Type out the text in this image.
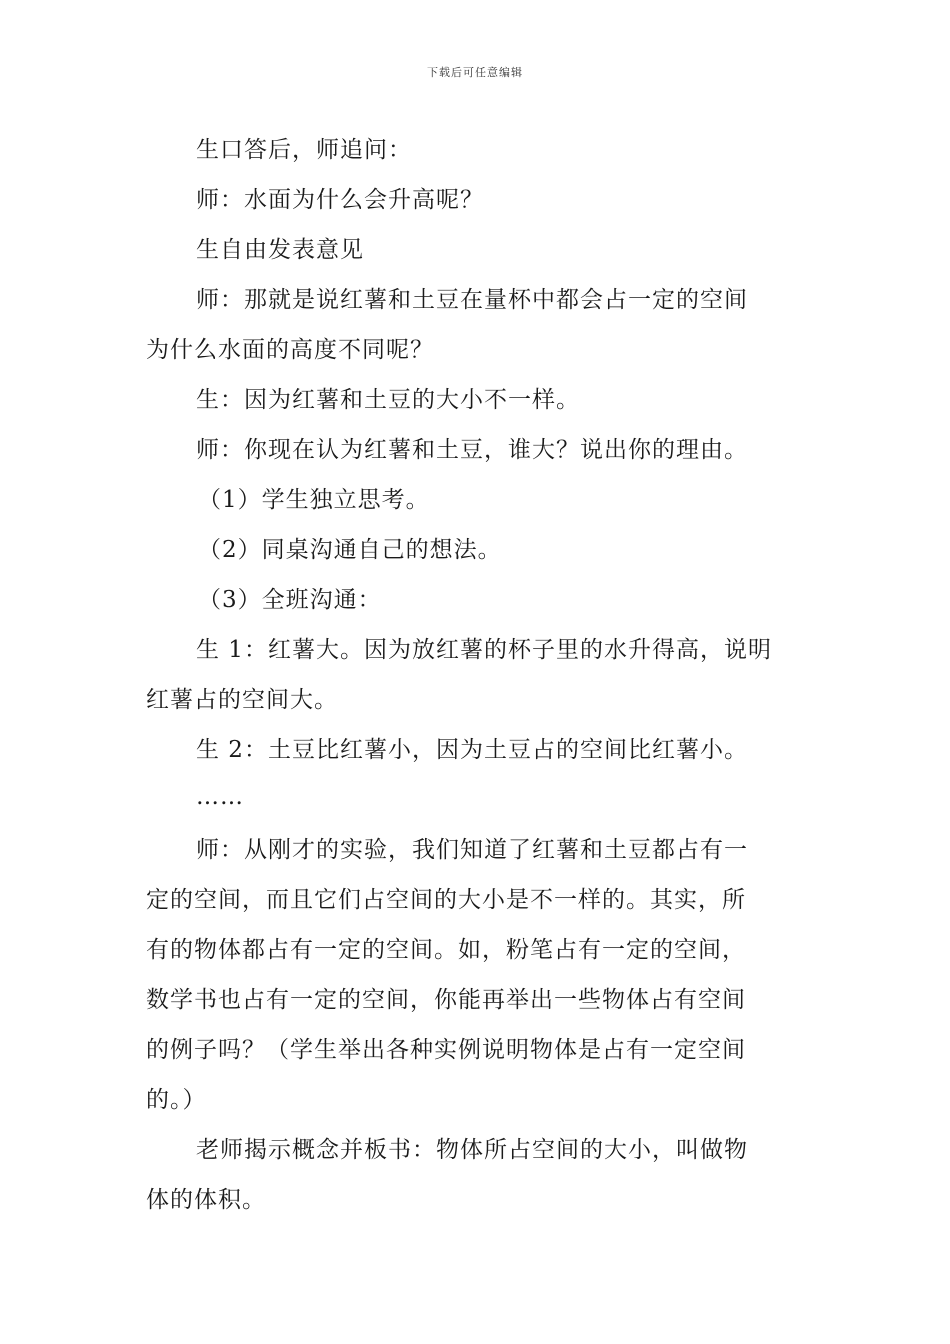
下载后可任意编辑
生口答后，师追问：
师：水面为什么会升高呢？
生自由发表意见
师：那就是说红薯和土豆在量杯中都会占一定的空间
为什么水面的高度不同呢？
生：因为红薯和土豆的大小不一样。
师：你现在认为红薯和土豆，谁大？说出你的理由。
（1）学生独立思考。
（2）同桌沟通自己的想法。
（3）全班沟通：
生 1：红薯大。因为放红薯的杯子里的水升得高，说明
红薯占的空间大。
生 2：土豆比红薯小，因为土豆占的空间比红薯小。
……
师：从刚才的实验，我们知道了红薯和土豆都占有一
定的空间，而且它们占空间的大小是不一样的。其实，所
有的物体都占有一定的空间。如，粉笔占有一定的空间，
数学书也占有一定的空间，你能再举出一些物体占有空间
的例子吗？（学生举出各种实例说明物体是占有一定空间
的。）
老师揭示概念并板书：物体所占空间的大小，叫做物
体的体积。
